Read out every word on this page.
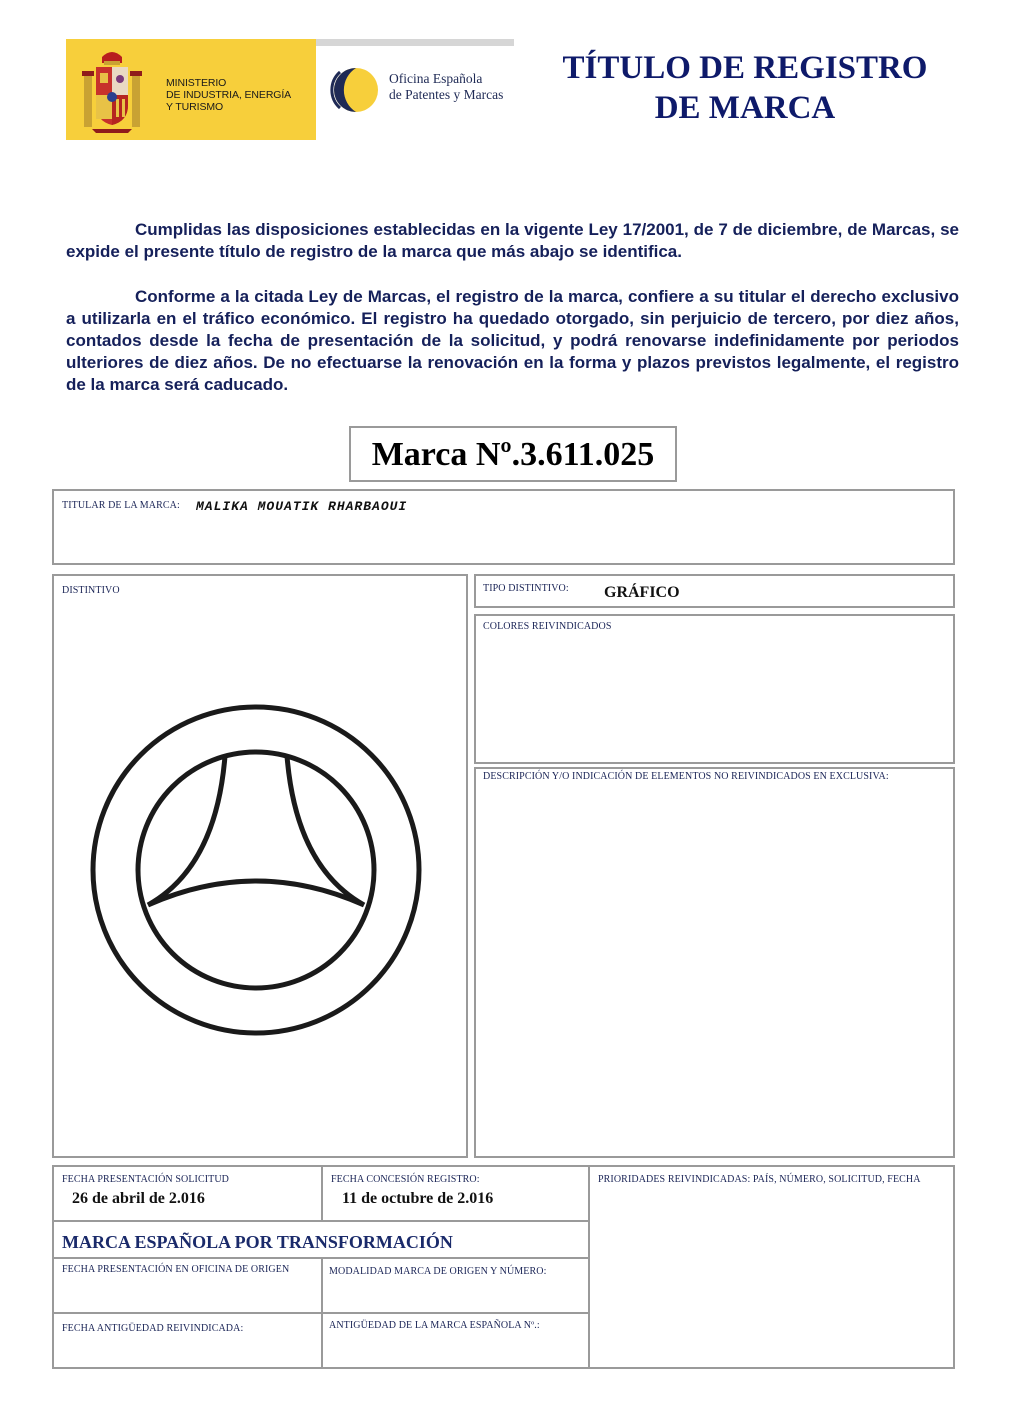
MINISTERIO
DE INDUSTRIA, ENERGÍA
Y TURISMO
Oficina Española
de Patentes y Marcas
TÍTULO DE REGISTRO
DE MARCA
Cumplidas las disposiciones establecidas en la vigente Ley 17/2001, de 7 de diciembre, de Marcas, se expide el presente título de registro de la marca que más abajo se identifica.
Conforme a la citada Ley de Marcas, el registro de la marca, confiere a su titular el derecho exclusivo a utilizarla en el tráfico económico. El registro ha quedado otorgado, sin perjuicio de tercero, por diez años, contados desde la fecha de presentación de la solicitud, y podrá renovarse indefinidamente por periodos ulteriores de diez años. De no efectuarse la renovación en la forma y plazos previstos legalmente, el registro de la marca será caducado.
Marca Nº.3.611.025
TITULAR DE LA MARCA: MALIKA MOUATIK RHARBAOUI
DISTINTIVO	TIPO DISTINTIVO: GRÁFICO
COLORES REIVINDICADOS
DESCRIPCIÓN Y/O INDICACIÓN DE ELEMENTOS NO REIVINDICADOS EN EXCLUSIVA:
FECHA PRESENTACIÓN SOLICITUD
26 de abril de 2.016
FECHA CONCESIÓN REGISTRO:
11 de octubre de 2.016
PRIORIDADES REIVINDICADAS: PAÍS, NÚMERO, SOLICITUD, FECHA
MARCA ESPAÑOLA POR TRANSFORMACIÓN
FECHA PRESENTACIÓN EN OFICINA DE ORIGEN	MODALIDAD MARCA DE ORIGEN Y NÚMERO:
FECHA ANTIGÜEDAD REIVINDICADA:	ANTIGÜEDAD DE LA MARCA ESPAÑOLA Nº.:
